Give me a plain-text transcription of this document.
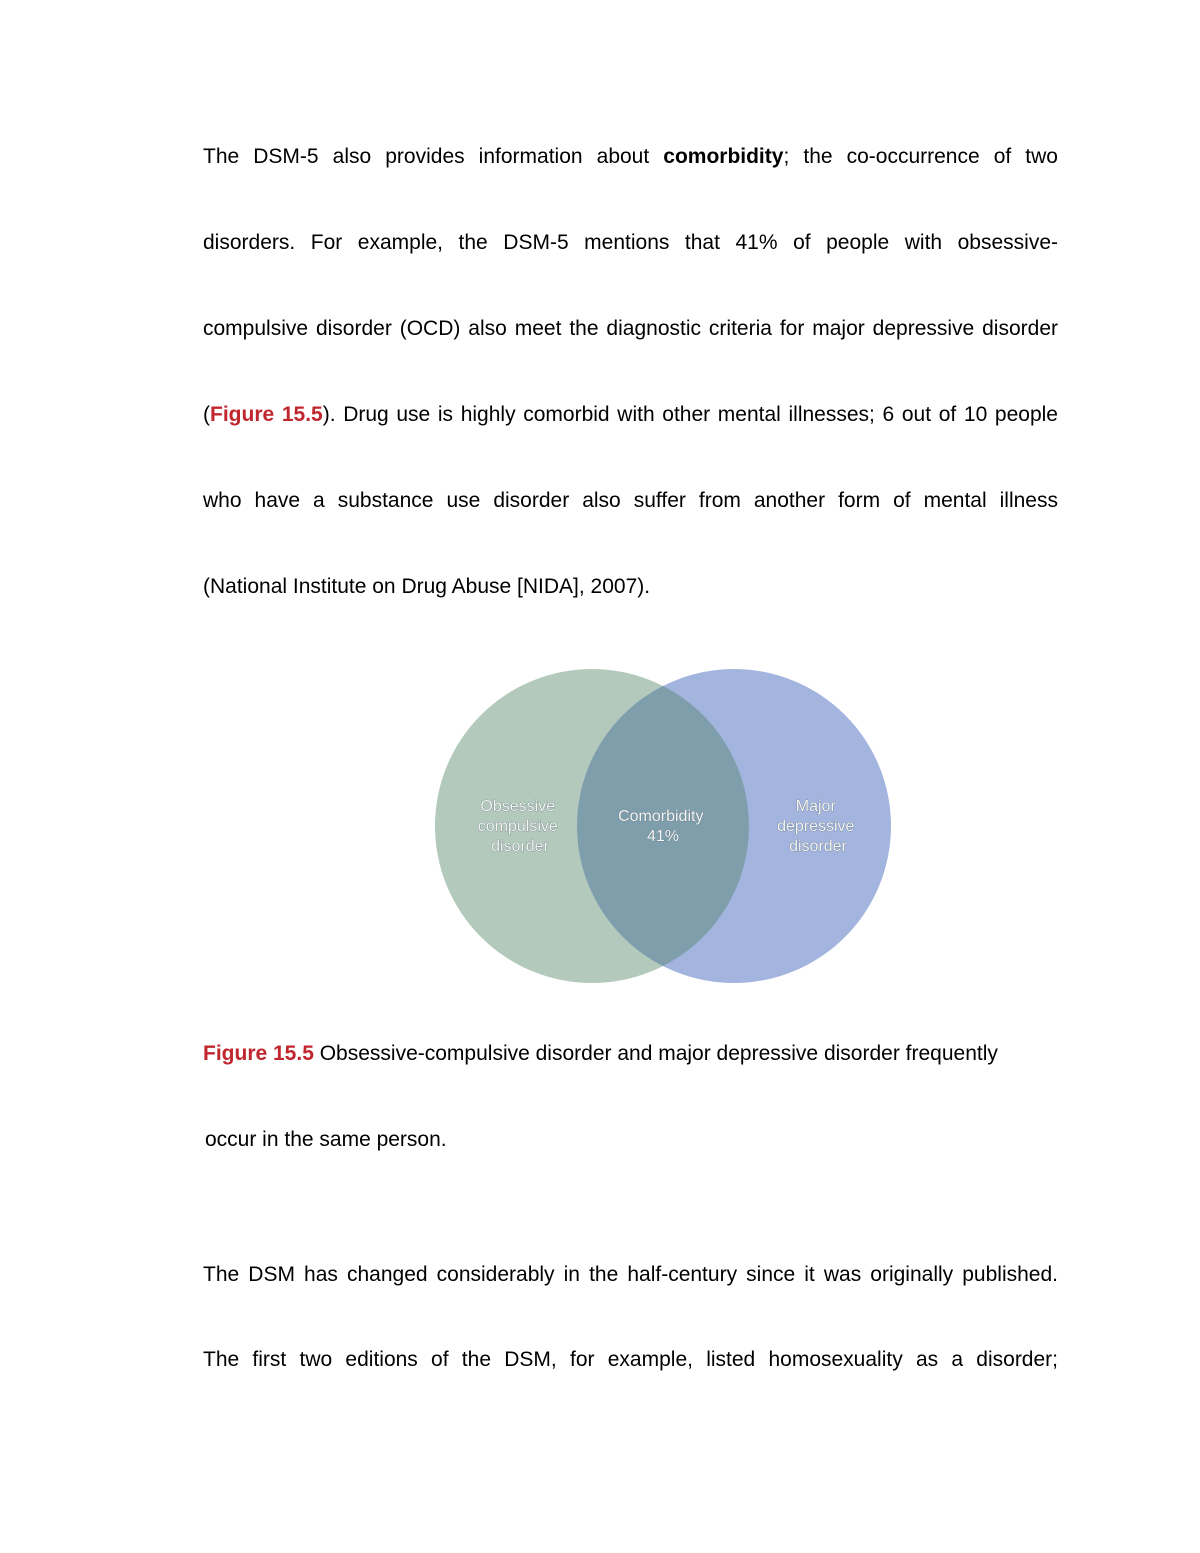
The DSM-5 also provides information about comorbidity; the co-occurrence of two
disorders. For example, the DSM-5 mentions that 41% of people with obsessive-
compulsive disorder (OCD) also meet the diagnostic criteria for major depressive disorder
(Figure 15.5). Drug use is highly comorbid with other mental illnesses; 6 out of 10 people
who have a substance use disorder also suffer from another form of mental illness
(National Institute on Drug Abuse [NIDA], 2007).
Obsessive compulsive disorder
Comorbidity 41%
Major depressive disorder
Figure 15.5 Obsessive-compulsive disorder and major depressive disorder frequently
occur in the same person.
The DSM has changed considerably in the half-century since it was originally published.
The first two editions of the DSM, for example, listed homosexuality as a disorder;
